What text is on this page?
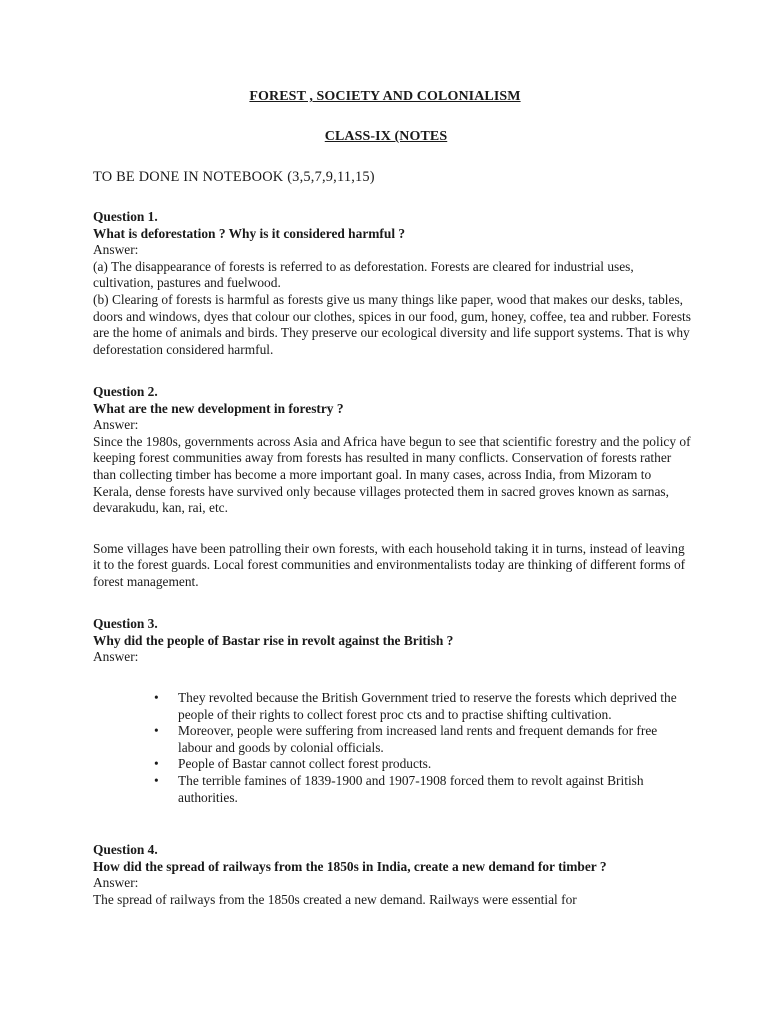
FOREST , SOCIETY AND COLONIALISM
CLASS-IX (NOTES
TO BE DONE IN NOTEBOOK (3,5,7,9,11,15)
Question 1.
What is deforestation ? Why is it considered harmful ?
Answer:

(a) The disappearance of forests is referred to as deforestation. Forests are cleared for industrial uses, cultivation, pastures and fuelwood.

(b) Clearing of forests is harmful as forests give us many things like paper, wood that makes our desks, tables, doors and windows, dyes that colour our clothes, spices in our food, gum, honey, coffee, tea and rubber. Forests are the home of animals and birds. They preserve our ecological diversity and life support systems. That is why deforestation considered harmful.

Question 2.
What are the new development in forestry ?
Answer:

Since the 1980s, governments across Asia and Africa have begun to see that scientific forestry and the policy of keeping forest communities away from forests has resulted in many conflicts. Conservation of forests rather than collecting timber has become a more important goal. In many cases, across India, from Mizoram to Kerala, dense forests have survived only because villages protected them in sacred groves known as sarnas, devarakudu, kan, rai, etc.

Some villages have been patrolling their own forests, with each household taking it in turns, instead of leaving it to the forest guards. Local forest communities and environmentalists today are thinking of different forms of forest management.

Question 3.
Why did the people of Bastar rise in revolt against the British ?
Answer:
• They revolted because the British Government tried to reserve the forests which deprived the people of their rights to collect forest proc cts and to practise shifting cultivation.
• Moreover, people were suffering from increased land rents and frequent demands for free labour and goods by colonial officials.
• People of Bastar cannot collect forest products.
• The terrible famines of 1839-1900 and 1907-1908 forced them to revolt against British authorities.
Question 4.
How did the spread of railways from the 1850s in India, create a new demand for timber ?
Answer:

The spread of railways from the 1850s created a new demand. Railways were essential for
